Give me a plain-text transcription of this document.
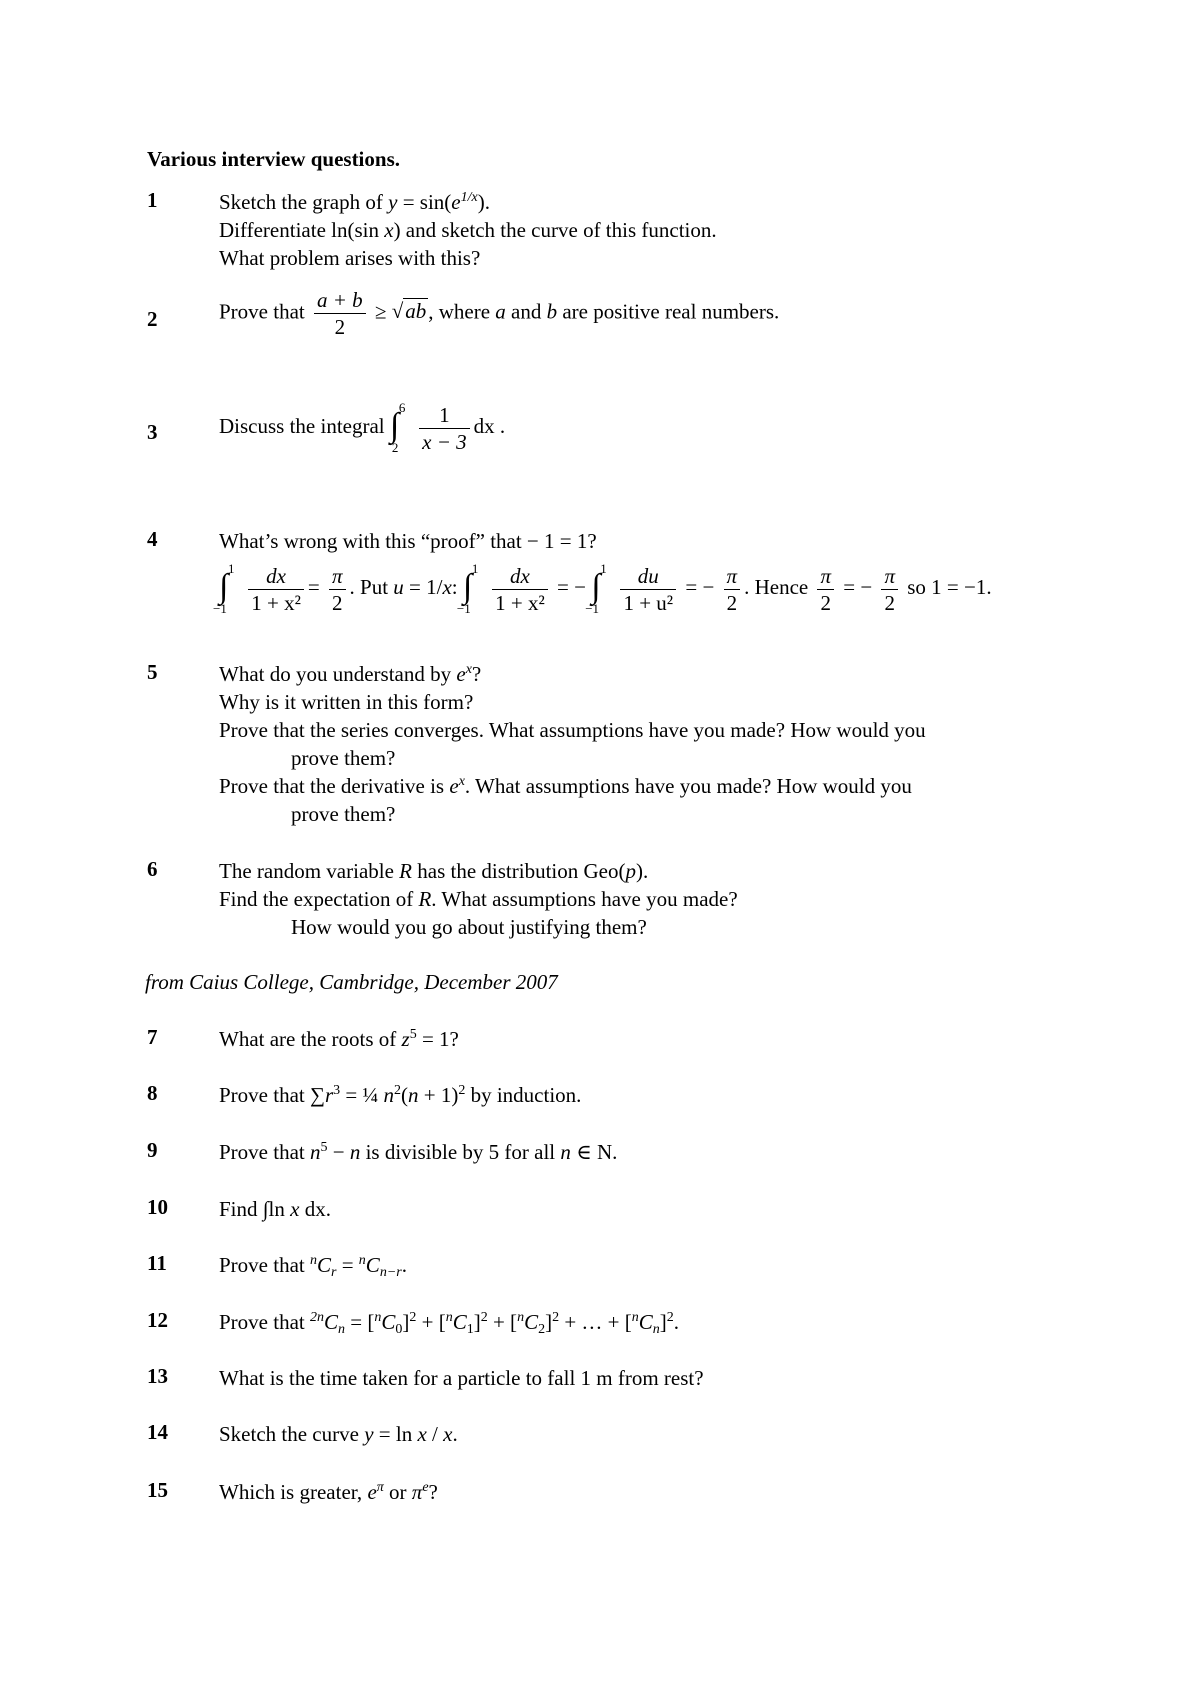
Various interview questions.
1	Sketch the graph of $y = \sin(e^{1/x})$.
Differentiate ln(sin x) and sketch the curve of this function.
What problem arises with this?
2	Prove that $\frac{a + b}{2} \ge √ab$, where a and b are positive real numbers.
3	Discuss the integral ∫ 6
2
$\frac{1}{x - 3}$ dx .
4	What’s wrong with this “proof” that − 1 = 1?
∫ 1
−1
$\frac{dx}{\text{1 + x²}} = \frac{\pi}{2}$ . Put u = 1/x: ∫ 1
−1
$\frac{dx}{\text{1 + x²}}$ = − ∫ 1
−1
$\frac{du}{\text{1 + u²}}$ = − $\frac{\pi}{2}$ . Hence $\frac{\pi}{2}$ = − $\frac{\pi}{2}$ so 1 = −1.
5	What do you understand by $e^x$?
Why is it written in this form?
Prove that the series converges. What assumptions have you made? How would you
prove them?
Prove that the derivative is $e^x$. What assumptions have you made? How would you
prove them?
6	The random variable R has the distribution Geo(p).
Find the expectation of R. What assumptions have you made?
How would you go about justifying them?
from Caius College, Cambridge, December 2007
7	What are the roots of $z^5 = 1$?
8	Prove that $\sum r^3$ = ¼ $n^2(n + 1)^2$ by induction.
9	Prove that $n^5 - n$ is divisible by 5 for all n ∈ N.
10	Find ∫ln x dx.
11	Prove that $^nC_r = ^nC_{n-r}$.
12	Prove that $^{2n}C_n = [^nC_0]^2 + [^nC_1]^2 + [^nC_2]^2$ + … + $[^nC_n]^2$.
13	What is the time taken for a particle to fall 1 m from rest?
14	Sketch the curve y = ln x / x.
15	Which is greater, $e^\pi$ or $\pi^e$?
